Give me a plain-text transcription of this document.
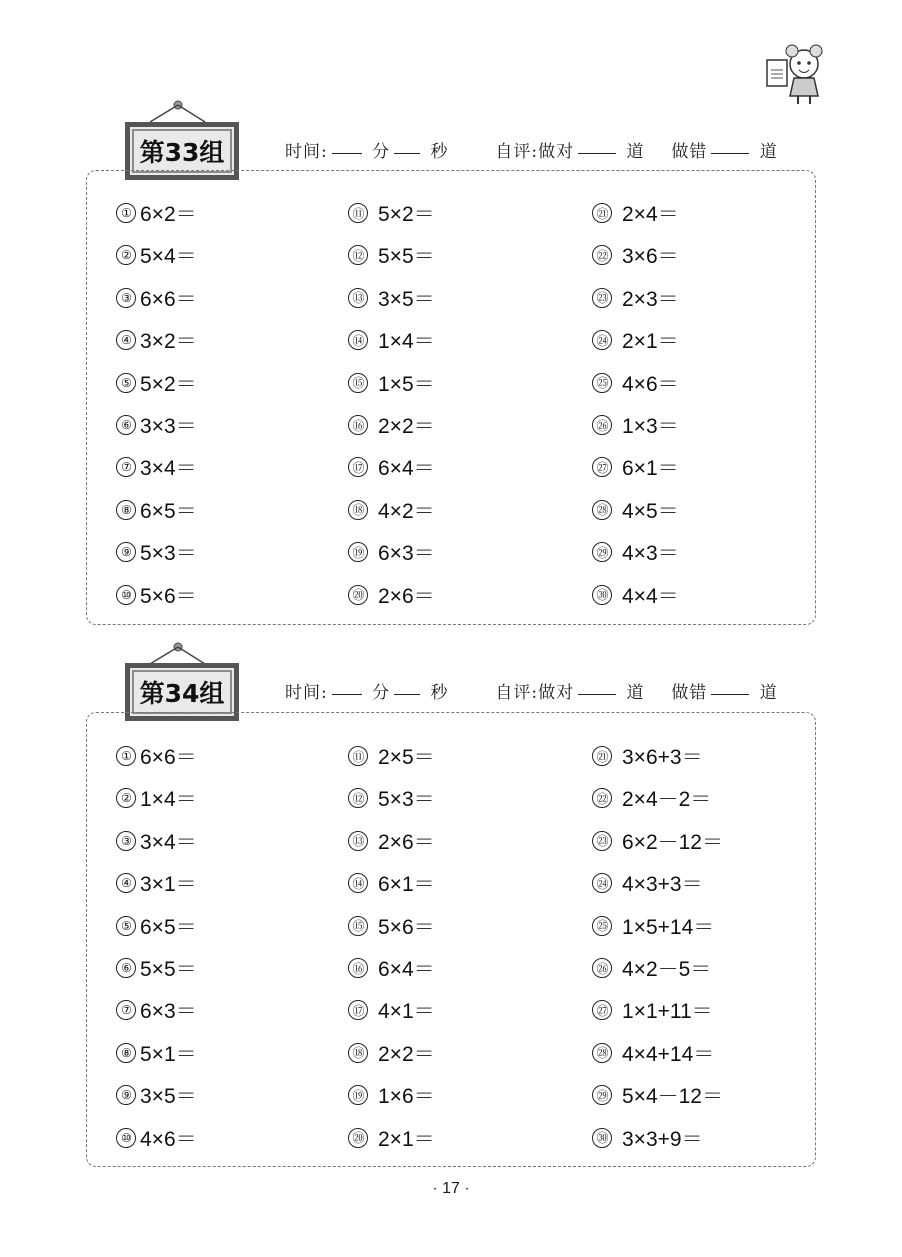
第33组	时间:	分 秒	自评:做对	道 做错	道
① 6×2＝
② 5×4＝
③ 6×6＝
④ 3×2＝
⑤ 5×2＝
⑥ 3×3＝
⑦ 3×4＝
⑧ 6×5＝
⑨ 5×3＝
⑩ 5×6＝
⑪ 5×2＝
⑫ 5×5＝
⑬ 3×5＝
⑭ 1×4＝
⑮ 1×5＝
⑯ 2×2＝
⑰ 6×4＝
⑱ 4×2＝
⑲ 6×3＝
⑳ 2×6＝
㉑ 2×4＝
㉒ 3×6＝
㉓ 2×3＝
㉔ 2×1＝
㉕ 4×6＝
㉖ 1×3＝
㉗ 6×1＝
㉘ 4×5＝
㉙ 4×3＝
㉚ 4×4＝
第34组	时间:	分 秒	自评:做对	道 做错	道
① 6×6＝
② 1×4＝
③ 3×4＝
④ 3×1＝
⑤ 6×5＝
⑥ 5×5＝
⑦ 6×3＝
⑧ 5×1＝
⑨ 3×5＝
⑩ 4×6＝
⑪ 2×5＝
⑫ 5×3＝
⑬ 2×6＝
⑭ 6×1＝
⑮ 5×6＝
⑯ 6×4＝
⑰ 4×1＝
⑱ 2×2＝
⑲ 1×6＝
⑳ 2×1＝
㉑ 3×6+3＝
㉒ 2×4－2＝
㉓ 6×2－12＝
㉔ 4×3+3＝
㉕ 1×5+14＝
㉖ 4×2－5＝
㉗ 1×1+11＝
㉘ 4×4+14＝
㉙ 5×4－12＝
㉚ 3×3+9＝
· 17 ·
